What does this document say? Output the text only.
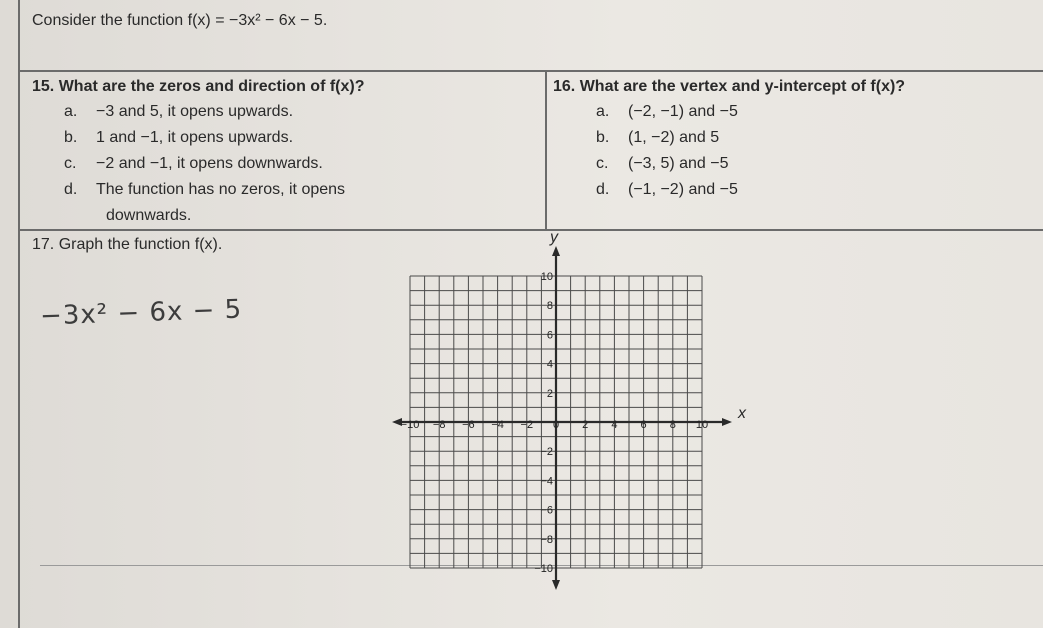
Consider the function f(x) = −3x² − 6x − 5.
15. What are the zeros and direction of f(x)?
a. −3 and 5, it opens upwards.
b. 1 and −1, it opens upwards.
c. −2 and −1, it opens downwards.
d. The function has no zeros, it opens
downwards.
16. What are the vertex and y-intercept of f(x)?
a. (−2, −1) and −5
b. (1, −2) and 5
c. (−3, 5) and −5
d. (−1, −2) and −5
17. Graph the function f(x).
−3x² − 6x − 5
x
y
−10 −8 −6 −4 −2 0 2 4 6 8 10
10
8
6
4
2
−2
−4
−6
−8
−10
